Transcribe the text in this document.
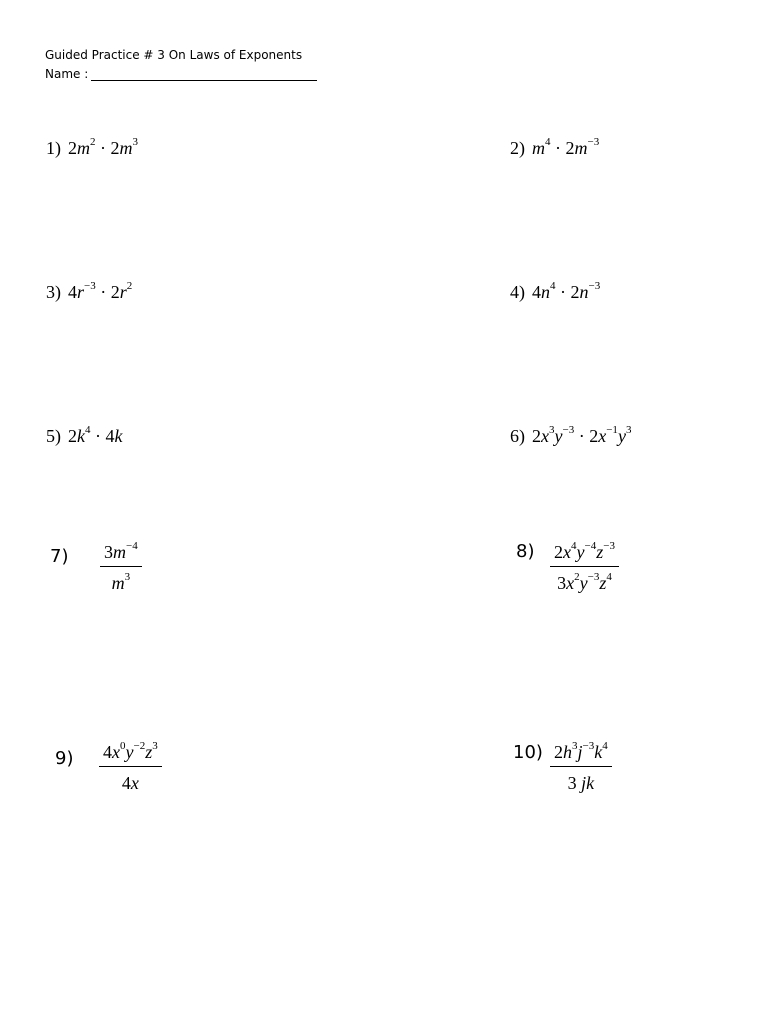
Guided Practice # 3 On Laws of Exponents
Name :
1) $2m^2 \cdot 2m^3$	2) $m^4 \cdot 2m^{-3}$
3) $4r^{-3} \cdot 2r^2$	4) $4n^4 \cdot 2n^{-3}$
5) $2k^4 \cdot 4k$	6) $2x^3y^{-3} \cdot 2x^{-1}y^3$
7) $3m^{-4}$
$m^3$
8) $2x^4y^{-4}z^{-3}$
$3x^2y^{-3}z^4$
9) $4x^0y^{-2}z^3$
4x
10) $2h^3j^{-3}k^4$
3 jk
